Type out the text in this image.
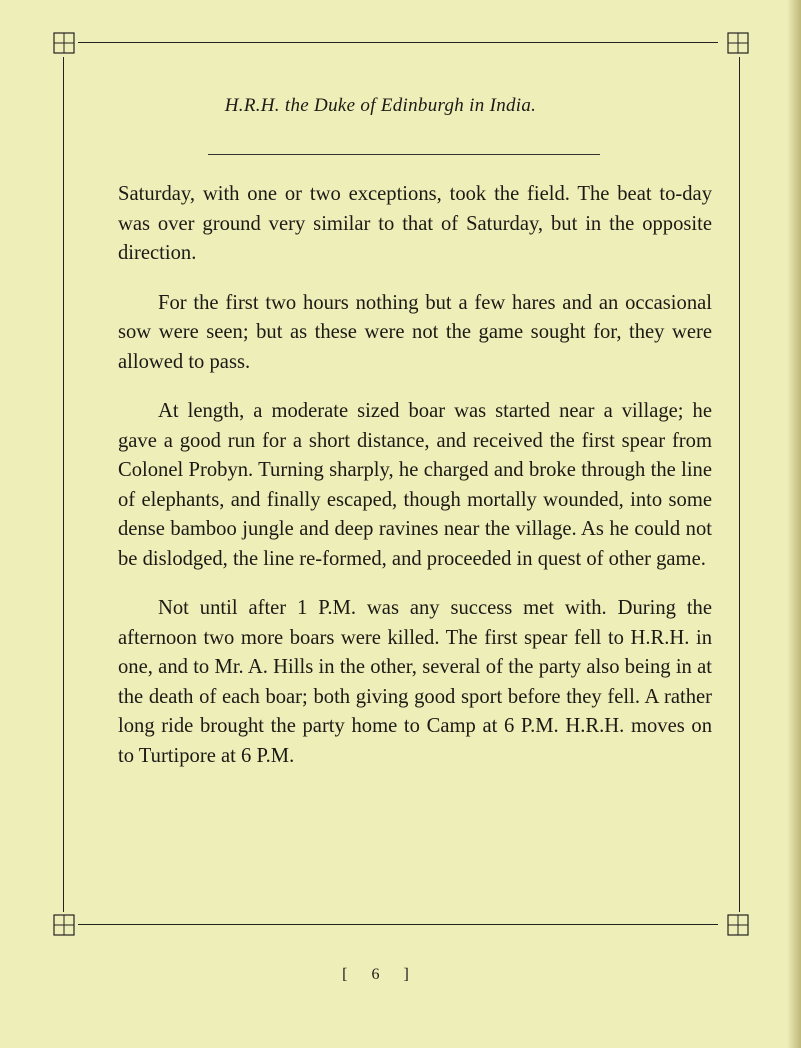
H.R.H. the Duke of Edinburgh in India.

Saturday, with one or two exceptions, took the field. The beat to-day was over ground very similar to that of Saturday, but in the opposite direction.

For the first two hours nothing but a few hares and an occasional sow were seen; but as these were not the game sought for, they were allowed to pass.

At length, a moderate sized boar was started near a village; he gave a good run for a short distance, and received the first spear from Colonel Probyn. Turning sharply, he charged and broke through the line of elephants, and finally escaped, though mortally wounded, into some dense bamboo jungle and deep ravines near the village. As he could not be dislodged, the line re-formed, and proceeded in quest of other game.

Not until after 1 P.M. was any success met with. During the afternoon two more boars were killed. The first spear fell to H.R.H. in one, and to Mr. A. Hills in the other, several of the party also being in at the death of each boar; both giving good sport before they fell. A rather long ride brought the party home to Camp at 6 P.M. H.R.H. moves on to Turtipore at 6 P.M.

[ 6 ]
